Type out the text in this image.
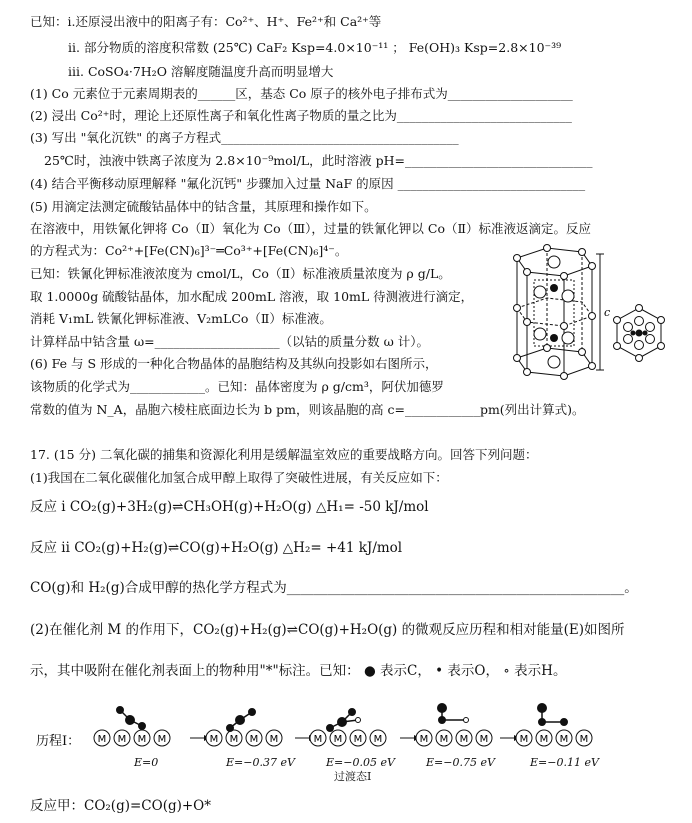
已知：ⅰ.还原浸出液中的阳离子有：Co²⁺、H⁺、Fe²⁺和 Ca²⁺等
ⅱ. 部分物质的溶度积常数 (25℃) CaF₂ Ksp=4.0×10⁻¹¹ ； Fe(OH)₃ Ksp=2.8×10⁻³⁹
ⅲ. CoSO₄·7H₂O 溶解度随温度升高而明显增大
(1) Co 元素位于元素周期表的______区，基态 Co 原子的核外电子排布式为____________________
(2) 浸出 Co²⁺时，理论上还原性离子和氧化性离子物质的量之比为____________________________
(3) 写出 "氧化沉铁" 的离子方程式______________________________________
25℃时，浊液中铁离子浓度为 2.8×10⁻⁹mol/L，此时溶液 pH=______________________________
(4) 结合平衡移动原理解释 "氟化沉钙" 步骤加入过量 NaF 的原因 ______________________________
(5) 用滴定法测定硫酸钴晶体中的钴含量，其原理和操作如下。
在溶液中，用铁氰化钾将 Co（Ⅱ）氧化为 Co（Ⅲ），过量的铁氰化钾以 Co（Ⅱ）标准液返滴定。反应
的方程式为：Co²⁺+[Fe(CN)₆]³⁻═Co³⁺+[Fe(CN)₆]⁴⁻。
已知：铁氰化钾标准液浓度为 cmol/L，Co（Ⅱ）标准液质量浓度为 ρ g/L。
取 1.0000g 硫酸钴晶体，加水配成 200mL 溶液，取 10mL 待测液进行滴定，
消耗 V₁mL 铁氰化钾标准液、V₂mLCo（Ⅱ）标准液。
计算样品中钴含量 ω=____________________（以钴的质量分数 ω 计）。
(6) Fe 与 S 形成的一种化合物晶体的晶胞结构及其纵向投影如右图所示，
该物质的化学式为____________。已知：晶体密度为 ρ g/cm³，阿伏加德罗
常数的值为 N_A，晶胞六棱柱底面边长为 b pm，则该晶胞的高 c=____________pm(列出计算式)。
17. (15 分) 二氧化碳的捕集和资源化利用是缓解温室效应的重要战略方向。回答下列问题：
(1)我国在二氧化碳催化加氢合成甲醇上取得了突破性进展，有关反应如下：
反应 i CO₂(g)+3H₂(g)⇌CH₃OH(g)+H₂O(g) △H₁= -50 kJ/mol
反应 ii CO₂(g)+H₂(g)⇌CO(g)+H₂O(g) △H₂= +41 kJ/mol
CO(g)和 H₂(g)合成甲醇的热化学方程式为__________________________________________________。
(2)在催化剂 M 的作用下，CO₂(g)+H₂(g)⇌CO(g)+H₂O(g) 的微观反应历程和相对能量(E)如图所
示，其中吸附在催化剂表面上的物种用"*"标注。已知： ● 表示C， • 表示O， ∘ 表示H。
反应甲：CO₂(g)=CO(g)+O*
c
历程Ⅰ： M M M M	M M M M	M M M M	M M M M	M M M M
E=0	E=−0.37 eV	E=−0.05 eV
过渡态I
E=−0.75 eV	E=−0.11 eV
